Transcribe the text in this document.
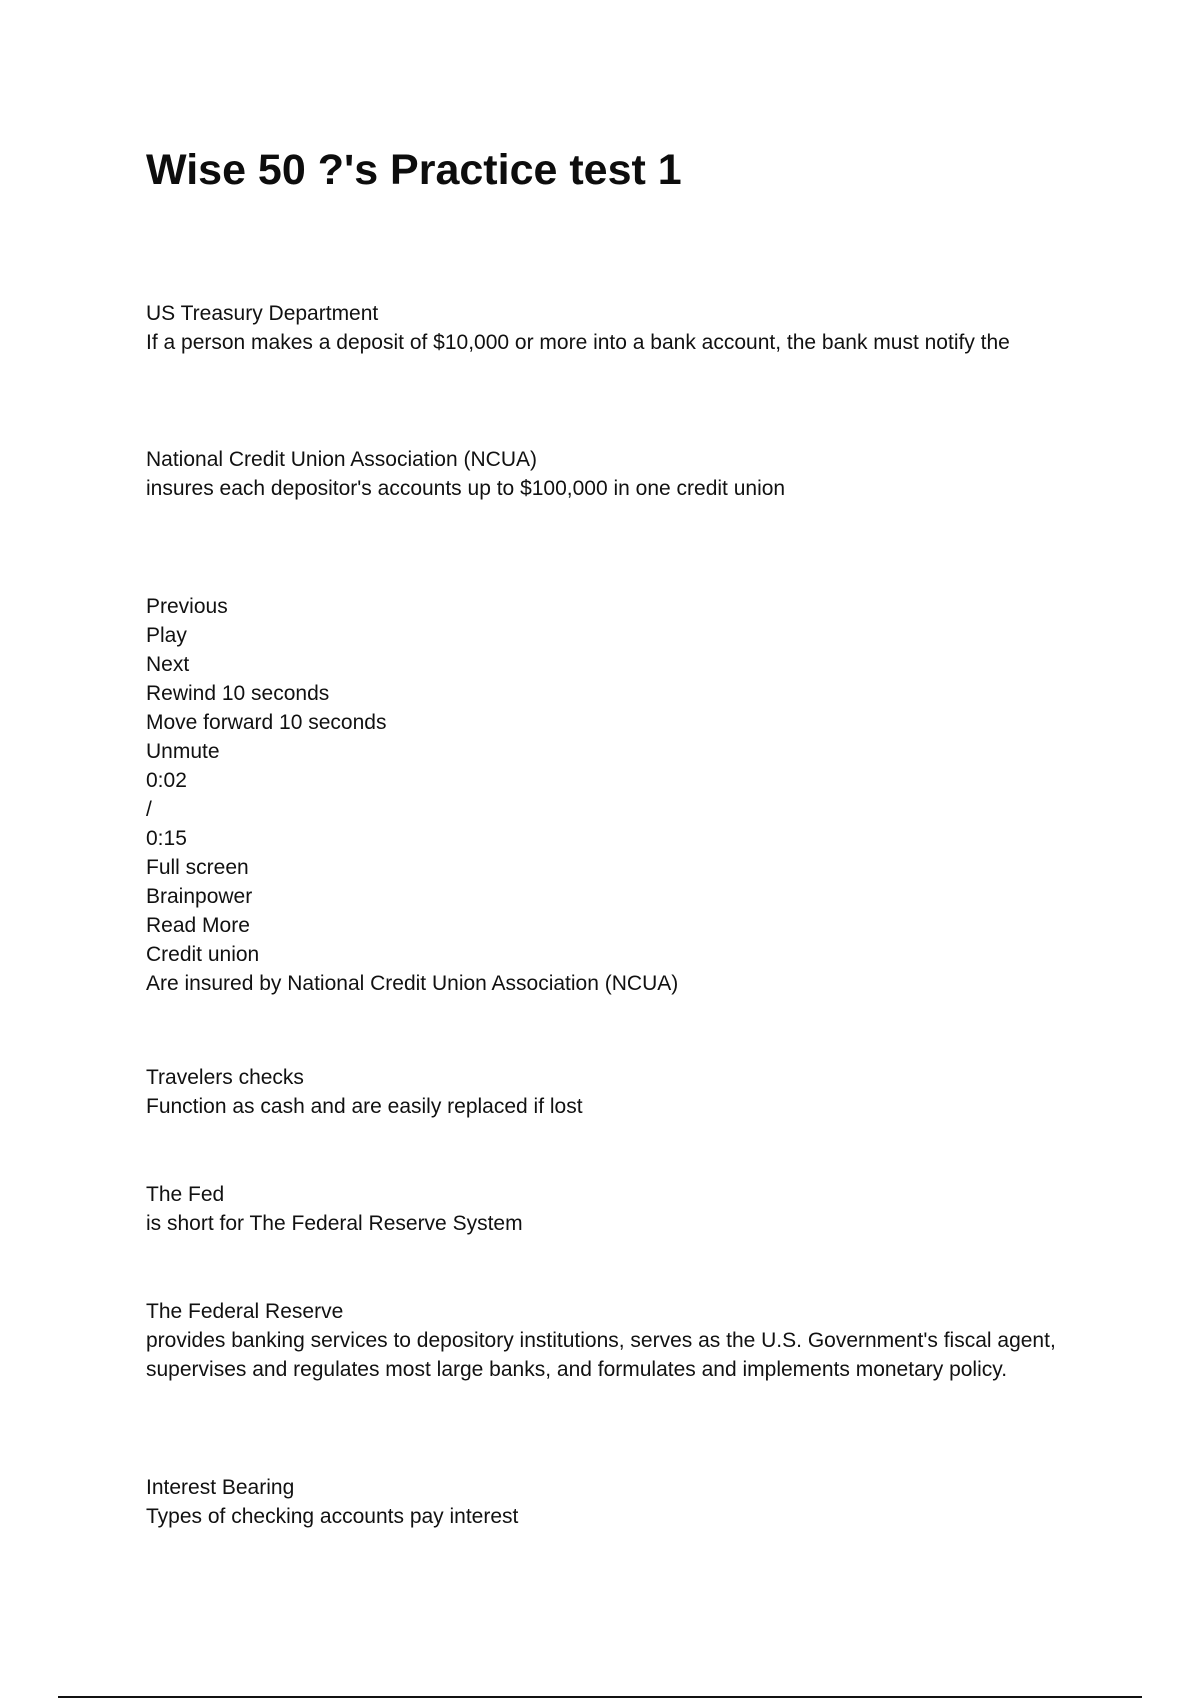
Wise 50 ?'s Practice test 1
US Treasury Department
If a person makes a deposit of $10,000 or more into a bank account, the bank must notify the
National Credit Union Association (NCUA)
insures each depositor's accounts up to $100,000 in one credit union
Previous
Play
Next
Rewind 10 seconds
Move forward 10 seconds
Unmute
0:02
/
0:15
Full screen
Brainpower
Read More
Credit union
Are insured by National Credit Union Association (NCUA)
Travelers checks
Function as cash and are easily replaced if lost
The Fed
is short for The Federal Reserve System
The Federal Reserve
provides banking services to depository institutions, serves as the U.S. Government's fiscal agent, supervises and regulates most large banks, and formulates and implements monetary policy.
Interest Bearing
Types of checking accounts pay interest
